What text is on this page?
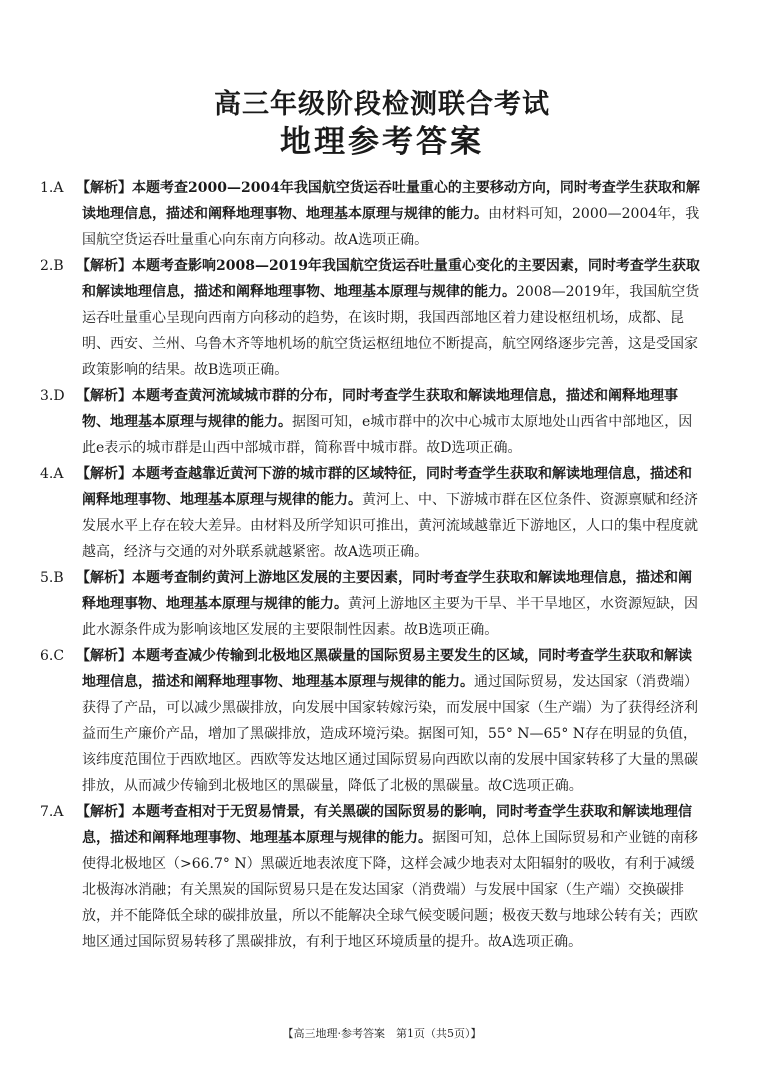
高三年级阶段检测联合考试
地理参考答案

1.A 【解析】本题考查2000—2004年我国航空货运吞吐量重心的主要移动方向，同时考查学生获取和解读地理信息，描述和阐释地理事物、地理基本原理与规律的能力。由材料可知，2000—2004年，我国航空货运吞吐量重心向东南方向移动。故A选项正确。

2.B 【解析】本题考查影响2008—2019年我国航空货运吞吐量重心变化的主要因素，同时考查学生获取和解读地理信息，描述和阐释地理事物、地理基本原理与规律的能力。2008—2019年，我国航空货运吞吐量重心呈现向西南方向移动的趋势，在该时期，我国西部地区着力建设枢纽机场，成都、昆明、西安、兰州、乌鲁木齐等地机场的航空货运枢纽地位不断提高，航空网络逐步完善，这是受国家政策影响的结果。故B选项正确。

3.D 【解析】本题考查黄河流域城市群的分布，同时考查学生获取和解读地理信息，描述和阐释地理事物、地理基本原理与规律的能力。据图可知，e城市群中的次中心城市太原地处山西省中部地区，因此e表示的城市群是山西中部城市群，简称晋中城市群。故D选项正确。

4.A 【解析】本题考查越靠近黄河下游的城市群的区域特征，同时考查学生获取和解读地理信息，描述和阐释地理事物、地理基本原理与规律的能力。黄河上、中、下游城市群在区位条件、资源禀赋和经济发展水平上存在较大差异。由材料及所学知识可推出，黄河流域越靠近下游地区，人口的集中程度就越高，经济与交通的对外联系就越紧密。故A选项正确。

5.B 【解析】本题考查制约黄河上游地区发展的主要因素，同时考查学生获取和解读地理信息，描述和阐释地理事物、地理基本原理与规律的能力。黄河上游地区主要为干旱、半干旱地区，水资源短缺，因此水源条件成为影响该地区发展的主要限制性因素。故B选项正确。

6.C 【解析】本题考查减少传输到北极地区黑碳量的国际贸易主要发生的区域，同时考查学生获取和解读地理信息，描述和阐释地理事物、地理基本原理与规律的能力。通过国际贸易，发达国家（消费端）获得了产品，可以减少黑碳排放，向发展中国家转嫁污染，而发展中国家（生产端）为了获得经济利益而生产廉价产品，增加了黑碳排放，造成环境污染。据图可知，55° N—65° N存在明显的负值，该纬度范围位于西欧地区。西欧等发达地区通过国际贸易向西欧以南的发展中国家转移了大量的黑碳排放，从而减少传输到北极地区的黑碳量，降低了北极的黑碳量。故C选项正确。

7.A 【解析】本题考查相对于无贸易情景，有关黑碳的国际贸易的影响，同时考查学生获取和解读地理信息，描述和阐释地理事物、地理基本原理与规律的能力。据图可知，总体上国际贸易和产业链的南移使得北极地区（>66.7° N）黑碳近地表浓度下降，这样会减少地表对太阳辐射的吸收，有利于减缓北极海冰消融；有关黑炭的国际贸易只是在发达国家（消费端）与发展中国家（生产端）交换碳排放，并不能降低全球的碳排放量，所以不能解决全球气候变暖问题；极夜天数与地球公转有关；西欧地区通过国际贸易转移了黑碳排放，有利于地区环境质量的提升。故A选项正确。

【高三地理·参考答案　第1页（共5页）】
